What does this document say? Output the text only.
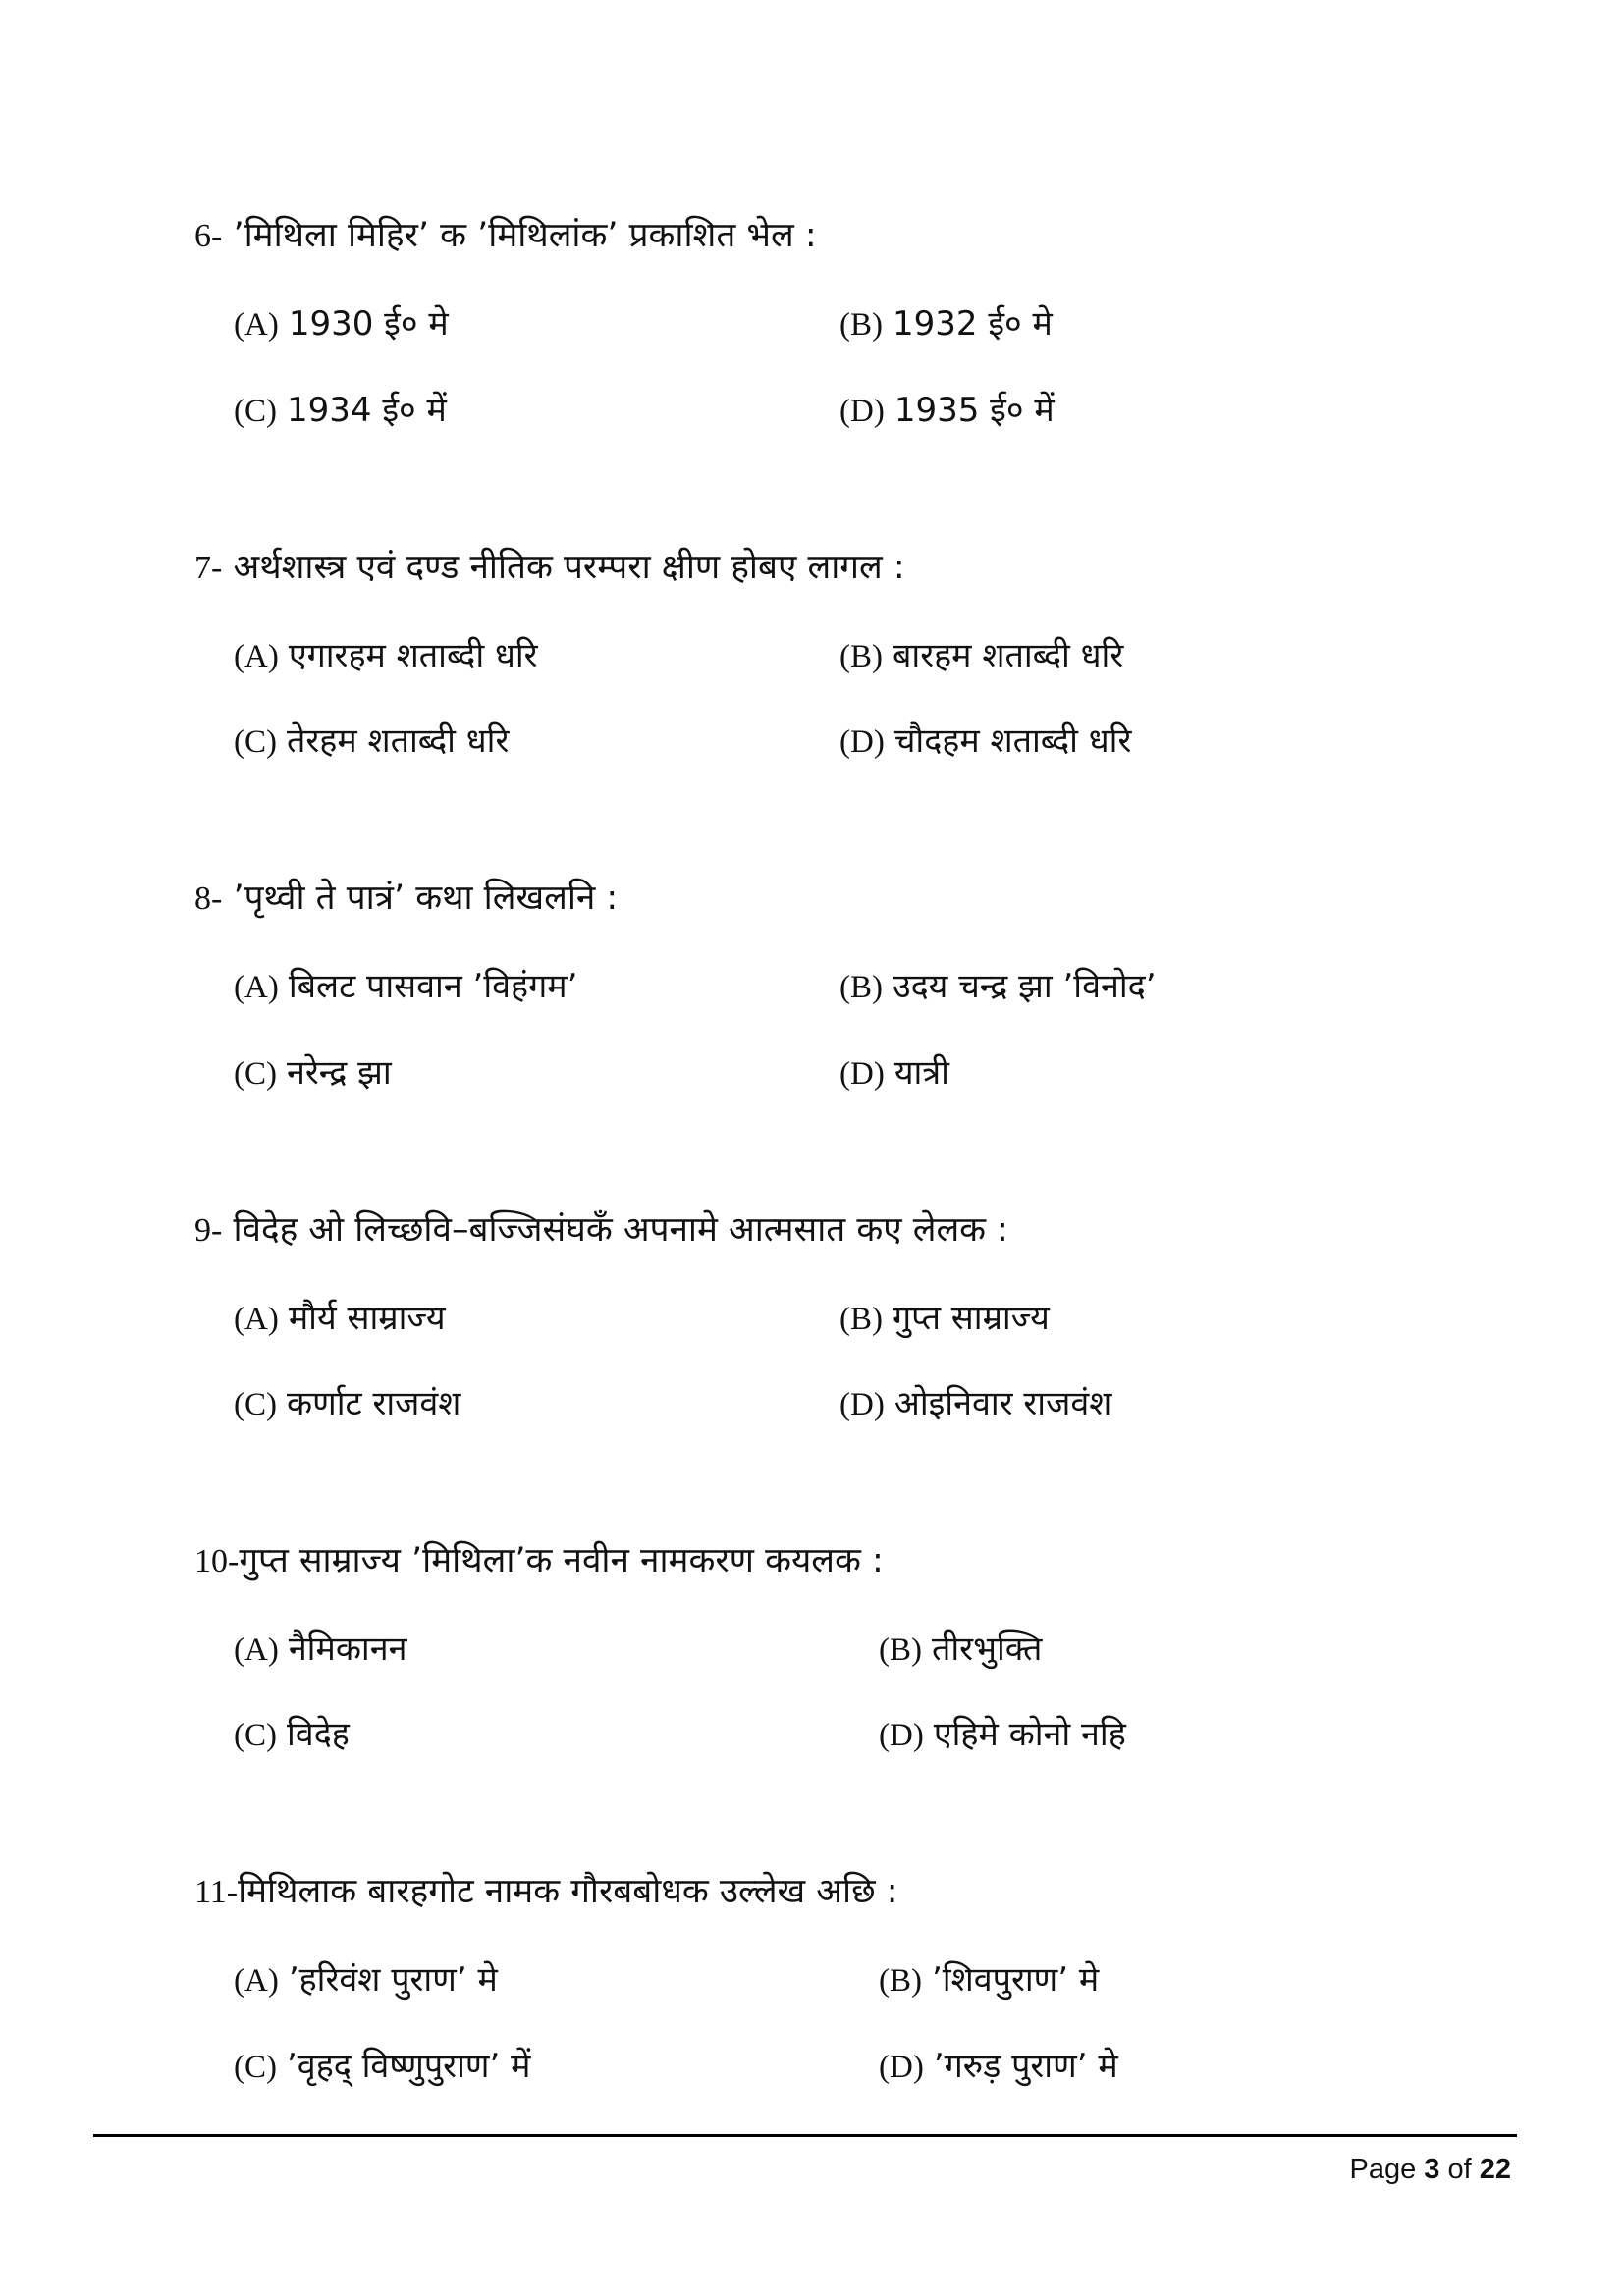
6- ’मिथिला मिहिर’ क ’मिथिलांक’ प्रकाशित भेल :
(A) 1930 ई० मे	(B) 1932 ई० मे
(C) 1934 ई० में	(D) 1935 ई० में
7- अर्थशास्त्र एवं दण्ड नीतिक परम्परा क्षीण होबए लागल :
(A) एगारहम शताब्दी धरि	(B) बारहम शताब्दी धरि
(C) तेरहम शताब्दी धरि	(D) चौदहम शताब्दी धरि
8- ’पृथ्वी ते पात्रं’ कथा लिखलनि :
(A) बिलट पासवान ’विहंगम’	(B) उदय चन्द्र झा ’विनोद’
(C) नरेन्द्र झा	(D) यात्री
9- विदेह ओ लिच्छवि–बज्जिसंघकँ अपनामे आत्मसात कए लेलक :
(A) मौर्य साम्राज्य	(B) गुप्त साम्राज्य
(C) कर्णाट राजवंश	(D) ओइनिवार राजवंश
10-गुप्त साम्राज्य ’मिथिला’क नवीन नामकरण कयलक :
(A) नैमिकानन	(B) तीरभुक्ति
(C) विदेह	(D) एहिमे कोनो नहि
11-मिथिलाक बारहगोट नामक गौरबबोधक उल्लेख अछि :
(A) ’हरिवंश पुराण’ मे	(B) ’शिवपुराण’ मे
(C) ’वृहद् विष्णुपुराण’ में	(D) ’गरुड़ पुराण’ मे
Page 3 of 22
